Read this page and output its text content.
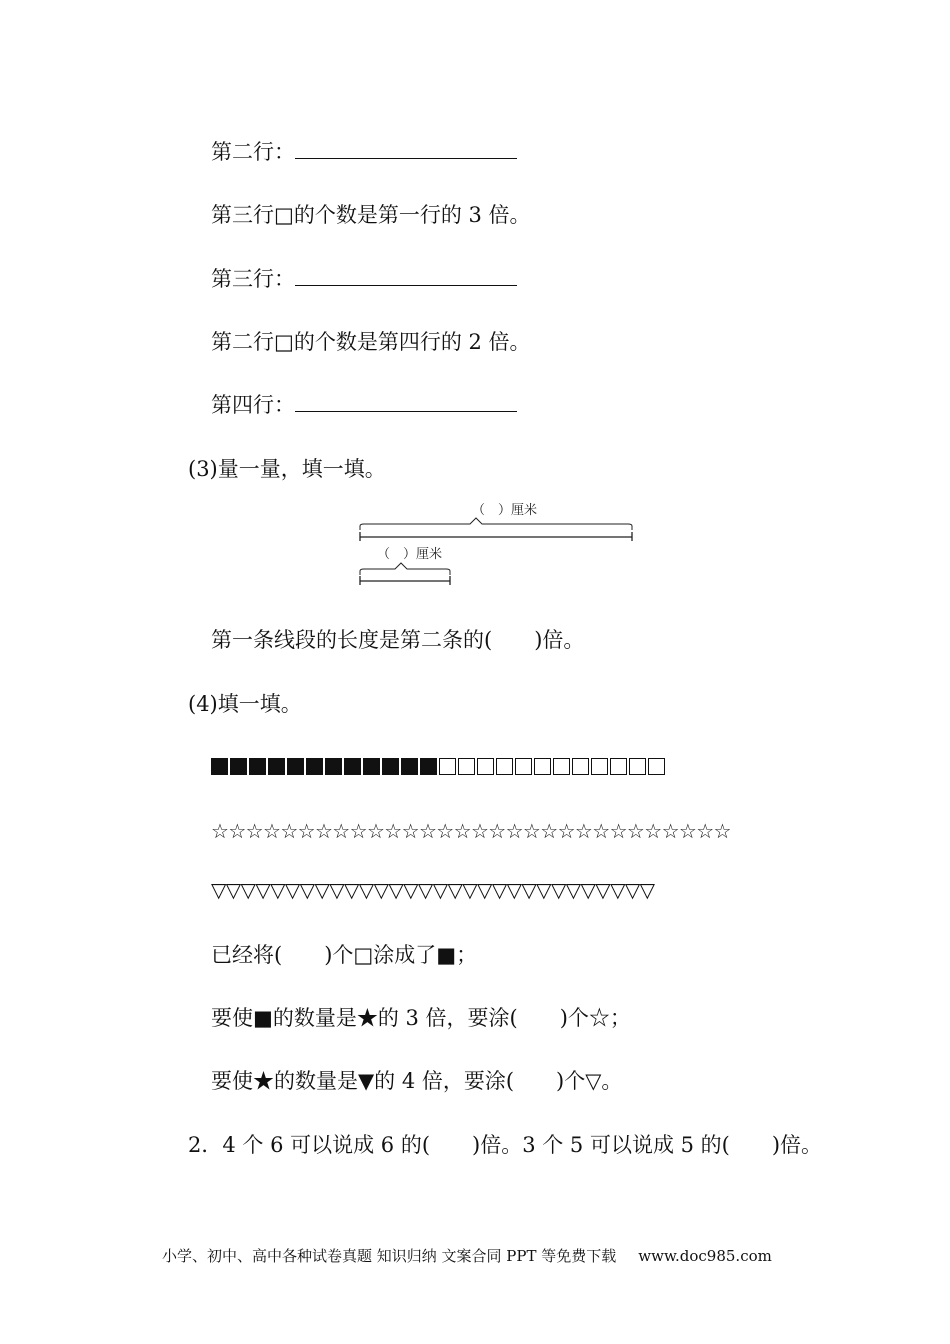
第二行：
第三行□的个数是第一行的 3 倍。
第三行：
第二行□的个数是第四行的 2 倍。
第四行：
(3)量一量，填一填。
（　）厘米
（　）厘米
第一条线段的长度是第二条的(　　)倍。
(4)填一填。
☆☆☆☆☆☆☆☆☆☆☆☆☆☆☆☆☆☆☆☆☆☆☆☆☆☆☆☆☆☆
▽▽▽▽▽▽▽▽▽▽▽▽▽▽▽▽▽▽▽▽▽▽▽▽▽▽▽▽▽▽
已经将(　　)个□涂成了■；
要使■的数量是★的 3 倍，要涂(　　)个☆；
要使★的数量是▼的 4 倍，要涂(　　)个▽。
2．4 个 6 可以说成 6 的(　　)倍。3 个 5 可以说成 5 的(　　)倍。
小学、初中、高中各种试卷真题 知识归纳 文案合同 PPT 等免费下载 www.doc985.com
